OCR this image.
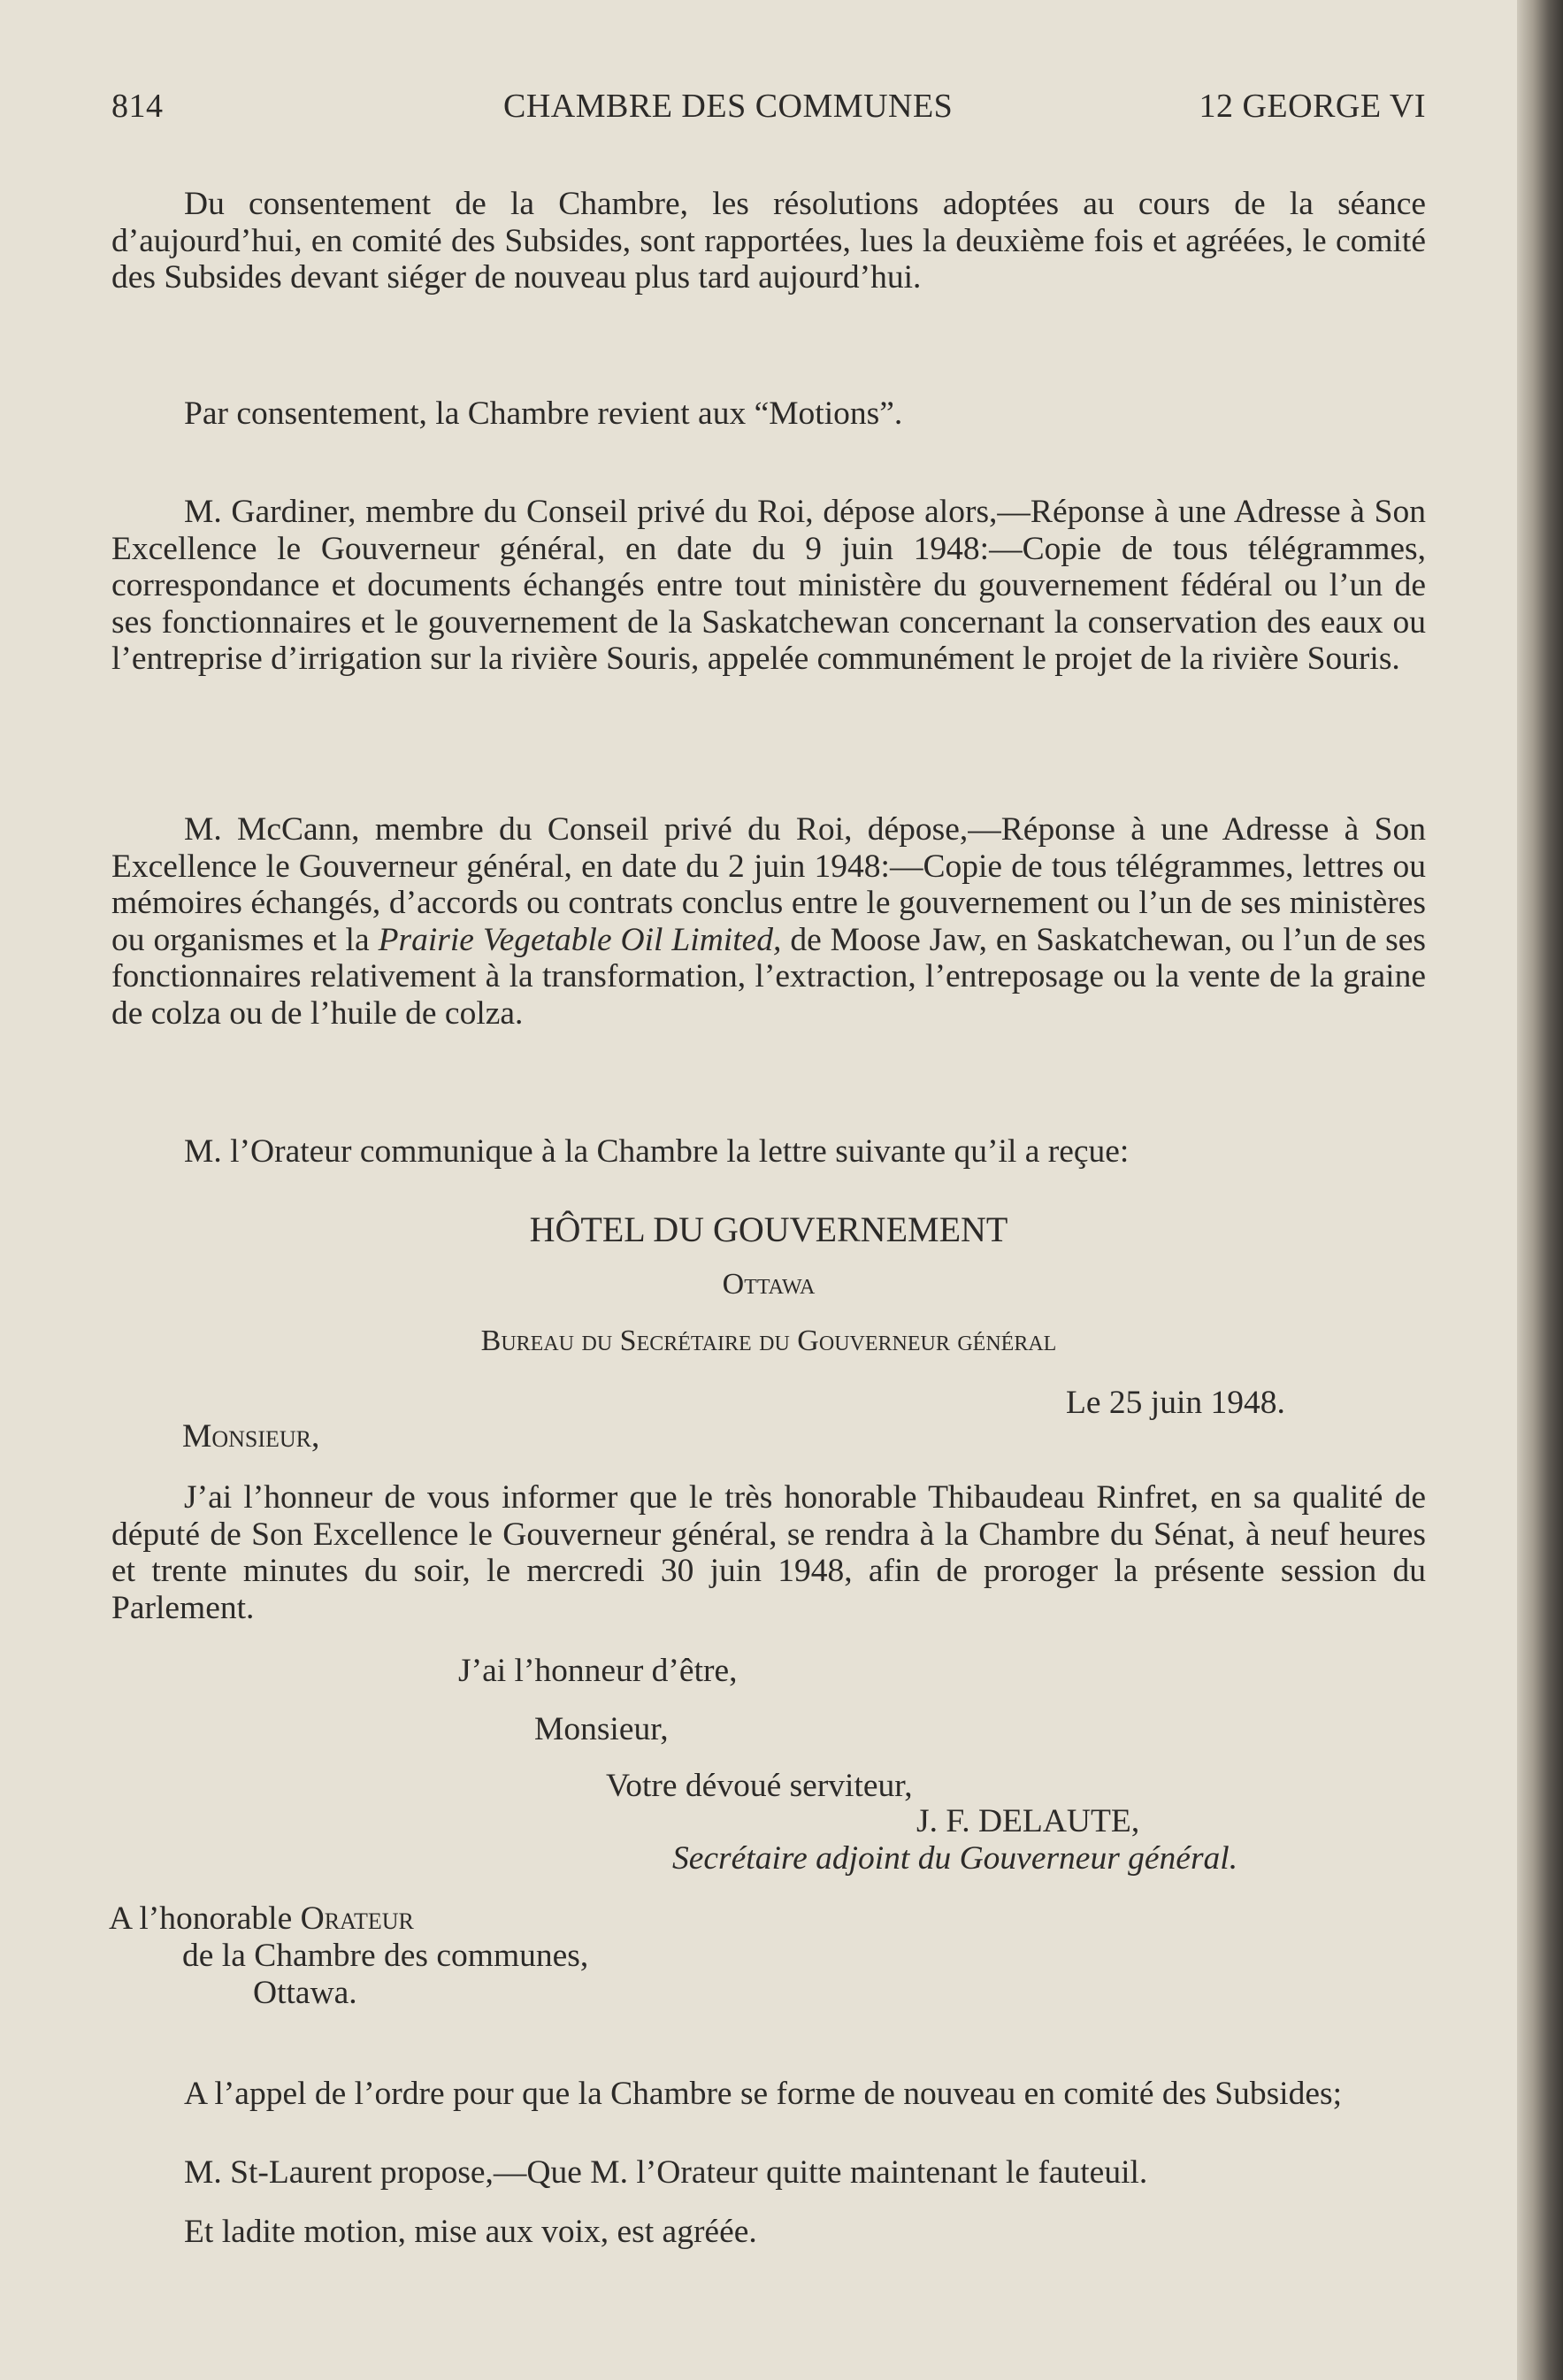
814	CHAMBRE DES COMMUNES	12 GEORGE VI

Du consentement de la Chambre, les résolutions adoptées au cours de la séance d’aujourd’hui, en comité des Subsides, sont rapportées, lues la deuxième fois et agréées, le comité des Subsides devant siéger de nouveau plus tard aujourd’hui.

Par consentement, la Chambre revient aux “Motions”.

M. Gardiner, membre du Conseil privé du Roi, dépose alors,—Réponse à une Adresse à Son Excellence le Gouverneur général, en date du 9 juin 1948:—Copie de tous télégrammes, correspondance et documents échangés entre tout ministère du gouvernement fédéral ou l’un de ses fonctionnaires et le gouvernement de la Saskatchewan concernant la conservation des eaux ou l’entreprise d’irrigation sur la rivière Souris, appelée communément le projet de la rivière Souris.

M. McCann, membre du Conseil privé du Roi, dépose,—Réponse à une Adresse à Son Excellence le Gouverneur général, en date du 2 juin 1948:—Copie de tous télégrammes, lettres ou mémoires échangés, d’accords ou contrats conclus entre le gouvernement ou l’un de ses ministères ou organismes et la Prairie Vegetable Oil Limited, de Moose Jaw, en Saskatchewan, ou l’un de ses fonctionnaires relativement à la transformation, l’extraction, l’entreposage ou la vente de la graine de colza ou de l’huile de colza.

M. l’Orateur communique à la Chambre la lettre suivante qu’il a reçue:

HÔTEL DU GOUVERNEMENT
Ottawa
Bureau du Secrétaire du Gouverneur général
Le 25 juin 1948.
Monsieur,

J’ai l’honneur de vous informer que le très honorable Thibaudeau Rinfret, en sa qualité de député de Son Excellence le Gouverneur général, se rendra à la Chambre du Sénat, à neuf heures et trente minutes du soir, le mercredi 30 juin 1948, afin de proroger la présente session du Parlement.

J’ai l’honneur d’être,
Monsieur,
Votre dévoué serviteur,
J. F. DELAUTE,
Secrétaire adjoint du Gouverneur général.
A l’honorable Orateur
de la Chambre des communes,
Ottawa.

A l’appel de l’ordre pour que la Chambre se forme de nouveau en comité des Subsides;

M. St-Laurent propose,—Que M. l’Orateur quitte maintenant le fauteuil.

Et ladite motion, mise aux voix, est agréée.
